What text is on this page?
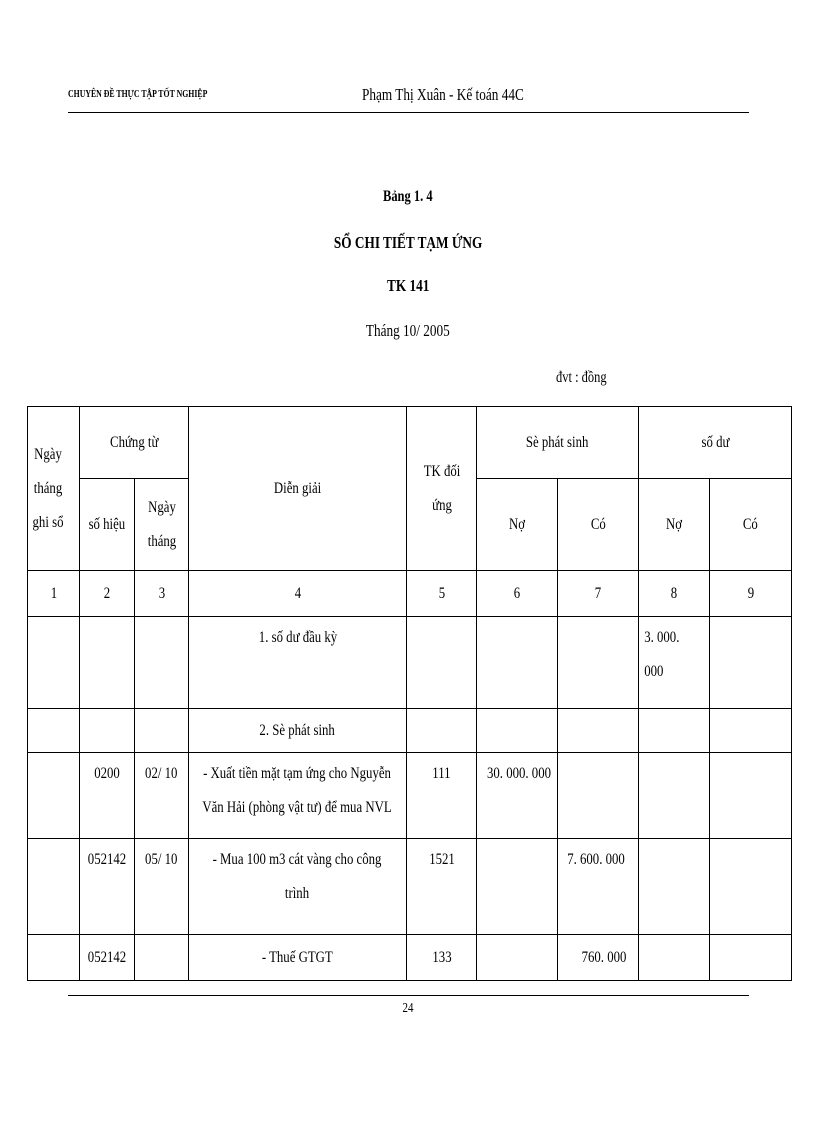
CHUYÊN ĐỀ THỰC TẬP TỐT NGHIỆP	Phạm Thị Xuân - Kế toán 44C
Bảng 1. 4
SỔ CHI TIẾT TẠM ỨNG
TK 141
Tháng 10/ 2005
đvt : đồng
Ngày tháng ghi sổ	Chứng từ		Diễn giải	TK đối ứng	Sè phát sinh		số dư	
	số hiệu	Ngày tháng			Nợ	Có	Nợ	Có
1	2	3	4	5	6	7	8	9
			1. số dư đầu kỳ				3. 000. 000	

			2. Sè phát sinh					
	0200	02/ 10	- Xuất tiền mặt tạm ứng cho Nguyễn Văn Hải (phòng vật tư) để mua NVL	111	30. 000. 000			
	052142	05/ 10	- Mua 100 m3 cát vàng cho công trình	1521		7. 600. 000		
	052142		- Thuế GTGT	133		760. 000		
24
